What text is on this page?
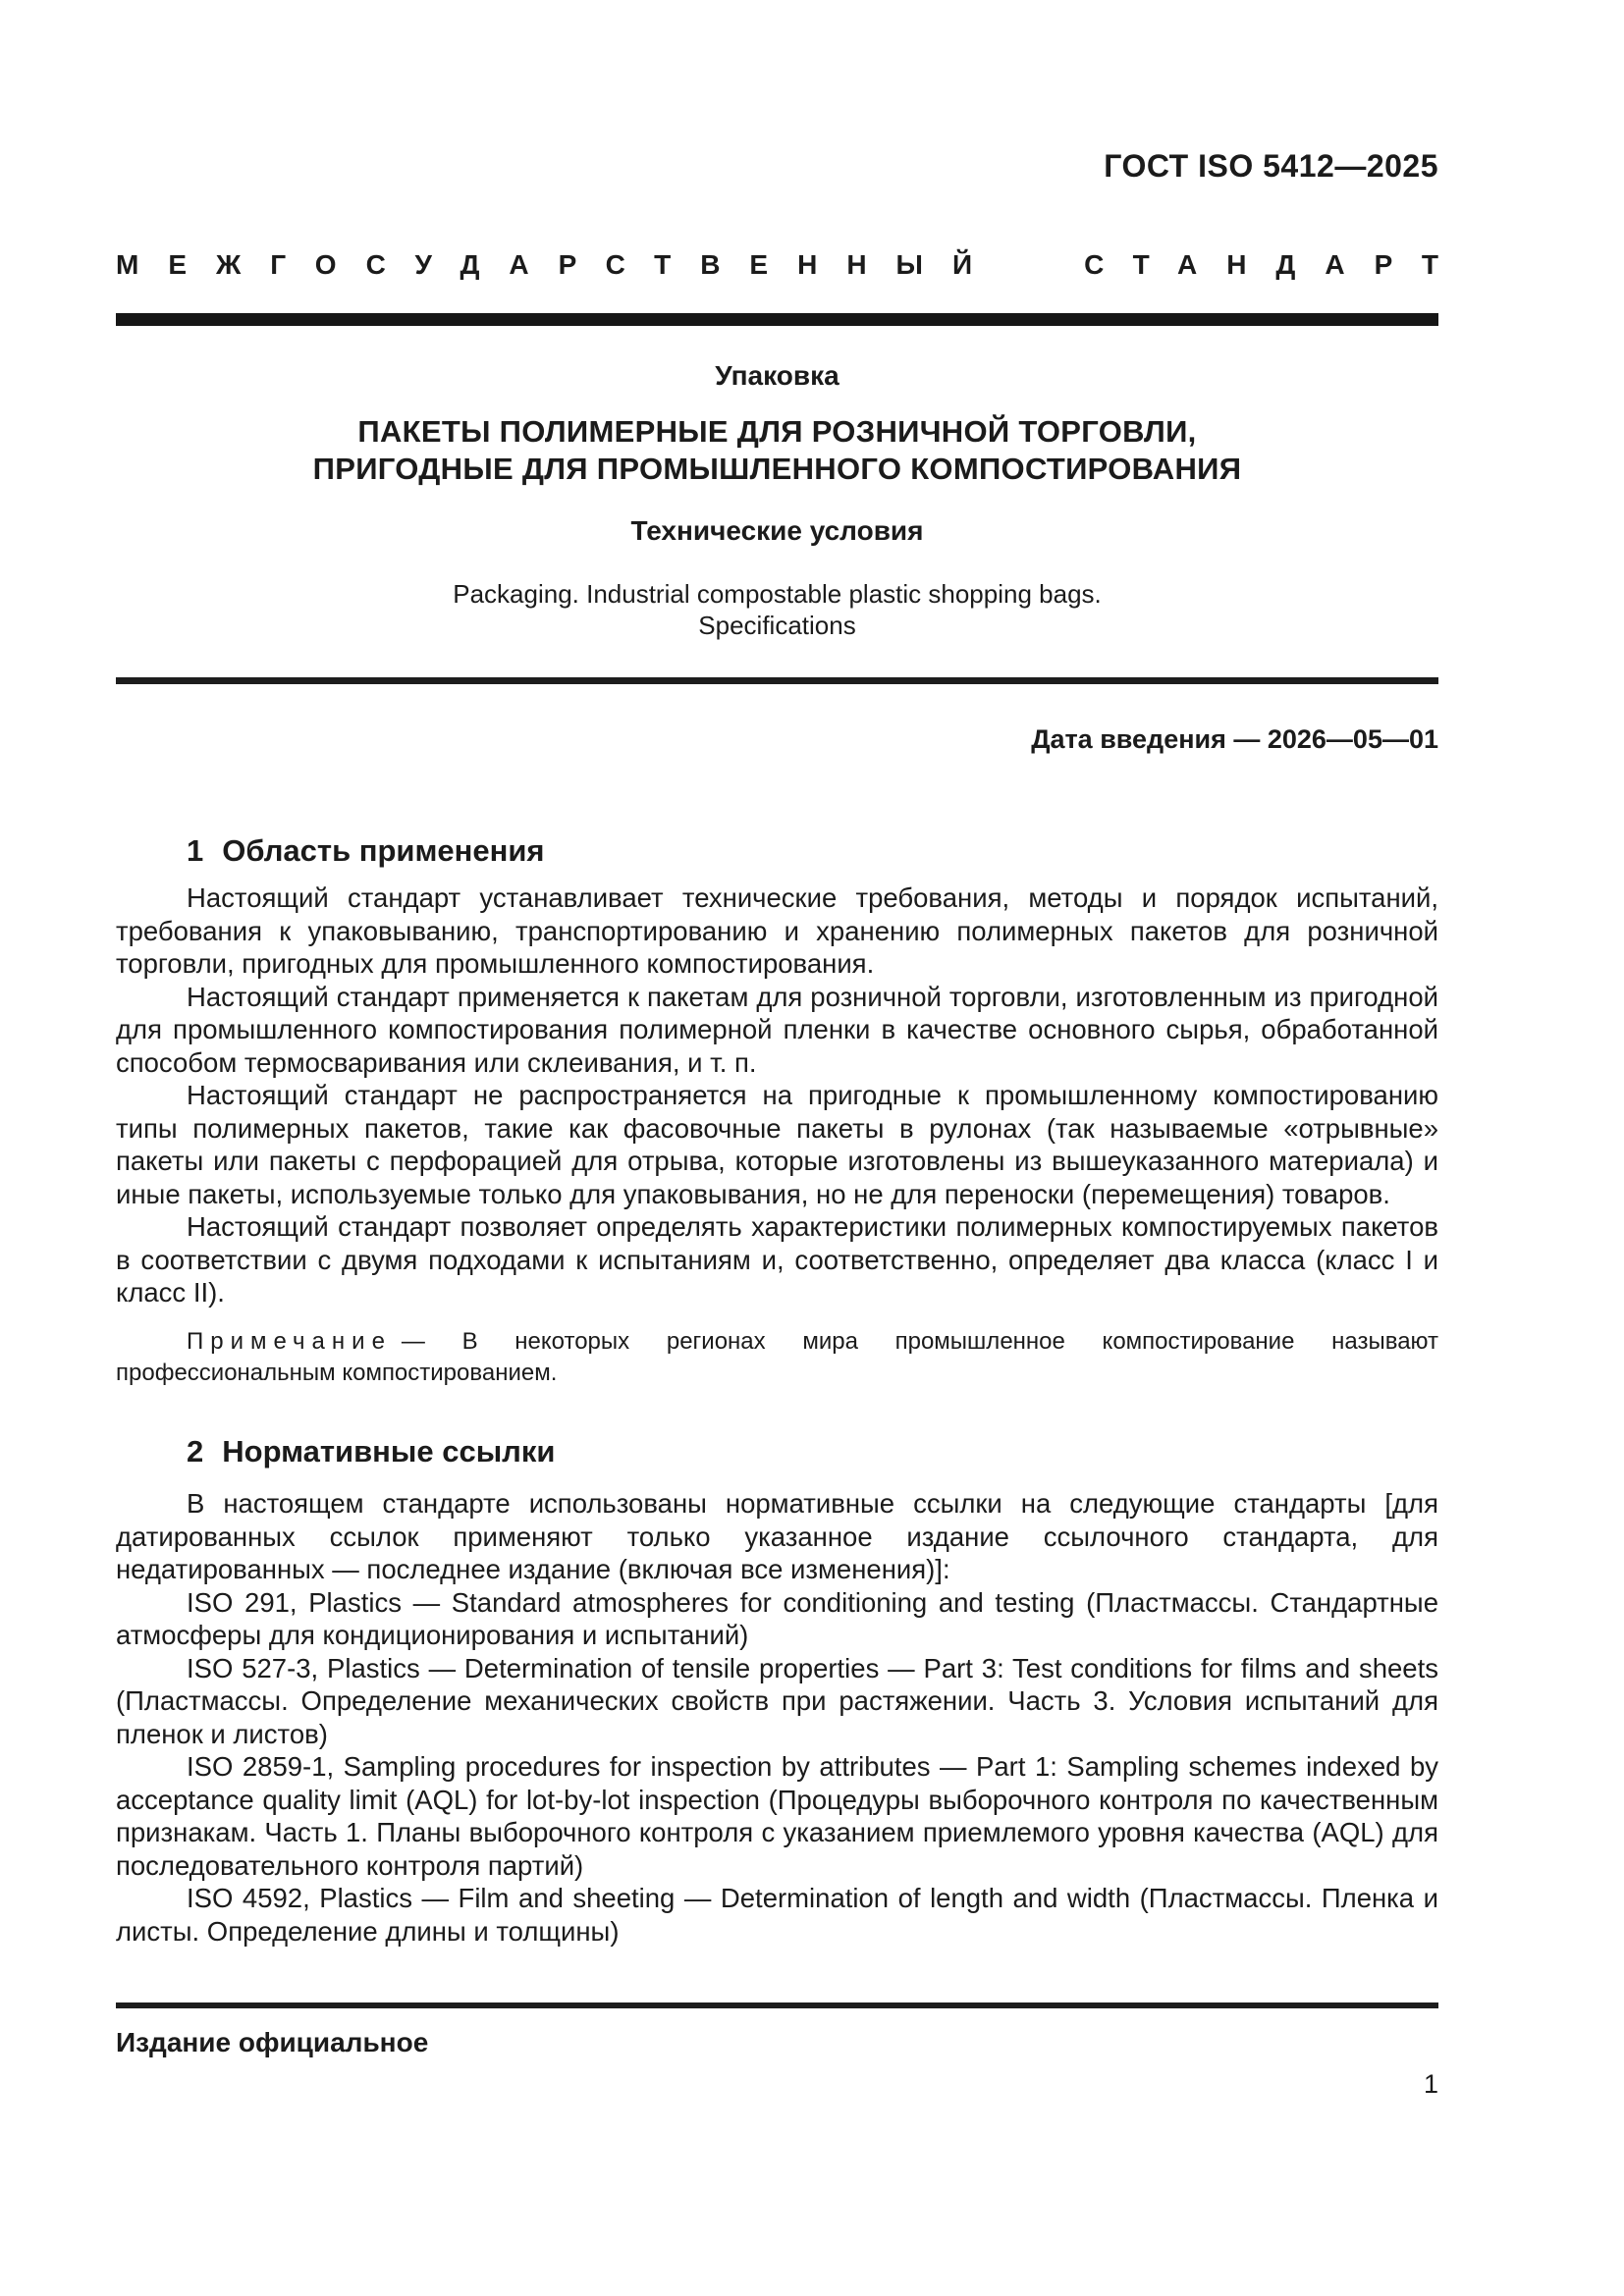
ГОСТ ISO 5412—2025
МЕЖГОСУДАРСТВЕННЫЙ	СТАНДАРТ
Упаковка
ПАКЕТЫ ПОЛИМЕРНЫЕ ДЛЯ РОЗНИЧНОЙ ТОРГОВЛИ,
ПРИГОДНЫЕ ДЛЯ ПРОМЫШЛЕННОГО КОМПОСТИРОВАНИЯ
Технические условия
Packaging. Industrial compostable plastic shopping bags.
Specifications
Дата введения — 2026—05—01
1 Область применения

Настоящий стандарт устанавливает технические требования, методы и порядок испытаний, требования к упаковыванию, транспортированию и хранению полимерных пакетов для розничной торговли, пригодных для промышленного компостирования.

Настоящий стандарт применяется к пакетам для розничной торговли, изготовленным из пригодной для промышленного компостирования полимерной пленки в качестве основного сырья, обработанной способом термосваривания или склеивания, и т. п.

Настоящий стандарт не распространяется на пригодные к промышленному компостированию типы полимерных пакетов, такие как фасовочные пакеты в рулонах (так называемые «отрывные» пакеты или пакеты с перфорацией для отрыва, которые изготовлены из вышеуказанного материала) и иные пакеты, используемые только для упаковывания, но не для переноски (перемещения) товаров.

Настоящий стандарт позволяет определять характеристики полимерных компостируемых пакетов в соответствии с двумя подходами к испытаниям и, соответственно, определяет два класса (класс I и класс II).

Примечание — В некоторых регионах мира промышленное компостирование называют профессиональным компостированием.

2 Нормативные ссылки

В настоящем стандарте использованы нормативные ссылки на следующие стандарты [для датированных ссылок применяют только указанное издание ссылочного стандарта, для недатированных — последнее издание (включая все изменения)]:

ISO 291, Plastics — Standard atmospheres for conditioning and testing (Пластмассы. Стандартные атмосферы для кондиционирования и испытаний)

ISO 527-3, Plastics — Determination of tensile properties — Part 3: Test conditions for films and sheets (Пластмассы. Определение механических свойств при растяжении. Часть 3. Условия испытаний для пленок и листов)

ISO 2859-1, Sampling procedures for inspection by attributes — Part 1: Sampling schemes indexed by acceptance quality limit (AQL) for lot-by-lot inspection (Процедуры выборочного контроля по качественным признакам. Часть 1. Планы выборочного контроля с указанием приемлемого уровня качества (AQL) для последовательного контроля партий)

ISO 4592, Plastics — Film and sheeting — Determination of length and width (Пластмассы. Пленка и листы. Определение длины и толщины)

Издание официальное
1
